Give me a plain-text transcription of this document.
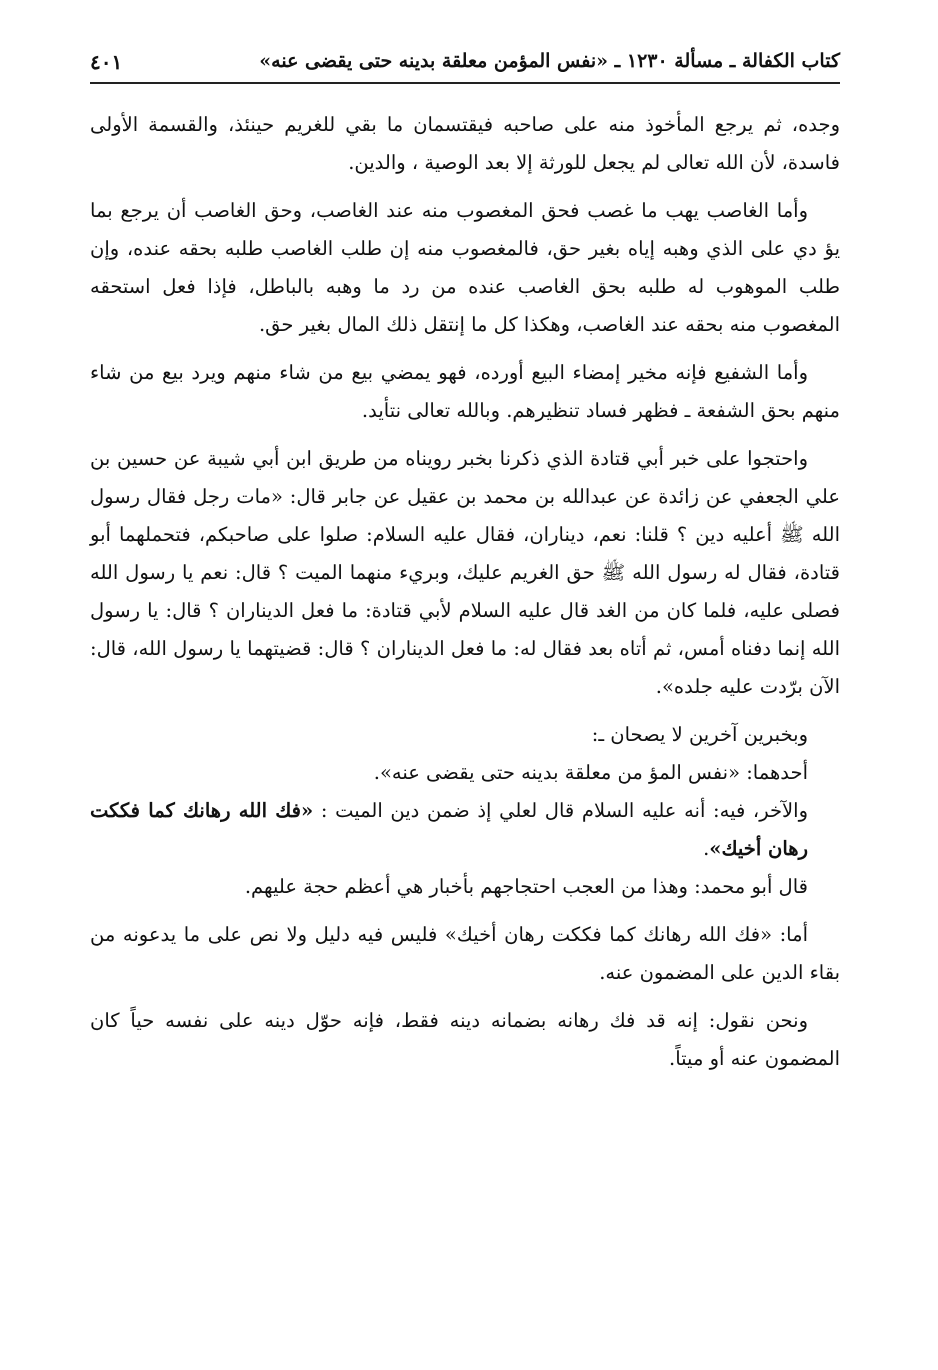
كتاب الكفالة ـ مسألة ١٢٣٠ ـ «نفس المؤمن معلقة بدينه حتى يقضى عنه»
٤٠١

وجده، ثم يرجع المأخوذ منه على صاحبه فيقتسمان ما بقي للغريم حينئذ، والقسمة الأولى فاسدة، لأن الله تعالى لم يجعل للورثة إلا بعد الوصية ، والدين.

وأما الغاصب يهب ما غصب فحق المغصوب منه عند الغاصب، وحق الغاصب أن يرجع بما يؤ دي على الذي وهبه إياه بغير حق، فالمغصوب منه إن طلب الغاصب طلبه بحقه عنده، وإن طلب الموهوب له طلبه بحق الغاصب عنده من رد ما وهبه بالباطل، فإذا فعل استحقه المغصوب منه بحقه عند الغاصب، وهكذا كل ما إنتقل ذلك المال بغير حق.

وأما الشفيع فإنه مخير إمضاء البيع أورده، فهو يمضي بيع من شاء منهم ويرد بيع من شاء منهم بحق الشفعة ـ فظهر فساد تنظيرهم. وبالله تعالى نتأيد.

واحتجوا على خبر أبي قتادة الذي ذكرنا بخبر رويناه من طريق ابن أبي شيبة عن حسين بن علي الجعفي عن زائدة عن عبدالله بن محمد بن عقيل عن جابر قال: «مات رجل فقال رسول الله ﷺ أعليه دين ؟ قلنا: نعم، ديناران، فقال عليه السلام: صلوا على صاحبكم، فتحملهما أبو قتادة، فقال له رسول الله ﷺ حق الغريم عليك، وبريء منهما الميت ؟ قال: نعم يا رسول الله فصلى عليه، فلما كان من الغد قال عليه السلام لأبي قتادة: ما فعل الديناران ؟ قال: يا رسول الله إنما دفناه أمس، ثم أتاه بعد فقال له: ما فعل الديناران ؟ قال: قضيتهما يا رسول الله، قال: الآن برّدت عليه جلده».

وبخبرين آخرين لا يصحان ـ:
أحدهما: «نفس المؤ من معلقة بدينه حتى يقضى عنه».
والآخر، فيه: أنه عليه السلام قال لعلي إذ ضمن دين الميت : «فك الله رهانك كما فككت رهان أخيك».

قال أبو محمد: وهذا من العجب احتجاجهم بأخبار هي أعظم حجة عليهم.

أما: «فك الله رهانك كما فككت رهان أخيك» فليس فيه دليل ولا نص على ما يدعونه من بقاء الدين على المضمون عنه.

ونحن نقول: إنه قد فك رهانه بضمانه دينه فقط، فإنه حوّل دينه على نفسه حياً كان المضمون عنه أو ميتاً.
